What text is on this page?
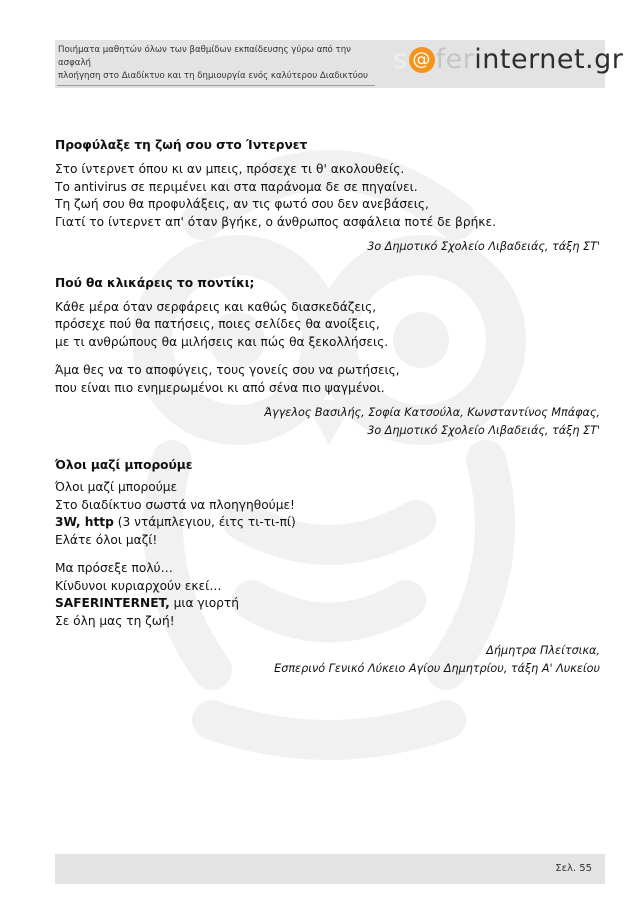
Ποιήματα μαθητών όλων των βαθμίδων εκπαίδευσης γύρω από την ασφαλή
πλοήγηση στο Διαδίκτυο και τη δημιουργία ενός καλύτερου Διαδικτύου
s @ ferinternet.gr

Προφύλαξε τη ζωή σου στο Ίντερνετ

Στο ίντερνετ όπου κι αν μπεις, πρόσεχε τι θ' ακολουθείς.

Το antivirus σε περιμένει και στα παράνομα δε σε πηγαίνει.

Τη ζωή σου θα προφυλάξεις, αν τις φωτό σου δεν ανεβάσεις,

Γιατί το ίντερνετ απ' όταν βγήκε, ο άνθρωπος ασφάλεια ποτέ δε βρήκε.

3ο Δημοτικό Σχολείο Λιβαδειάς, τάξη ΣΤ'

Πού θα κλικάρεις το ποντίκι;

Κάθε μέρα όταν σερφάρεις και καθώς διασκεδάζεις,

πρόσεχε πού θα πατήσεις, ποιες σελίδες θα ανοίξεις,

με τι ανθρώπους θα μιλήσεις και πώς θα ξεκολλήσεις.

Άμα θες να το αποφύγεις, τους γονείς σου να ρωτήσεις,

που είναι πιο ενημερωμένοι κι από σένα πιο ψαγμένοι.

Άγγελος Βασιλής, Σοφία Κατσούλα, Κωνσταντίνος Μπάφας,

3ο Δημοτικό Σχολείο Λιβαδειάς, τάξη ΣΤ'

Όλοι μαζί μπορούμε

Όλοι μαζί μπορούμε

Στο διαδίκτυο σωστά να πλοηγηθούμε!

3W, http (3 ντάμπλεγιου, έιτς τι-τι-πί)

Ελάτε όλοι μαζί!

Μα πρόσεξε πολύ…

Κίνδυνοι κυριαρχούν εκεί…

SAFERINTERNET, μια γιορτή

Σε όλη μας τη ζωή!

Δήμητρα Πλείτσικα,

Εσπερινό Γενικό Λύκειο Αγίου Δημητρίου, τάξη Α' Λυκείου

Σελ. 55
